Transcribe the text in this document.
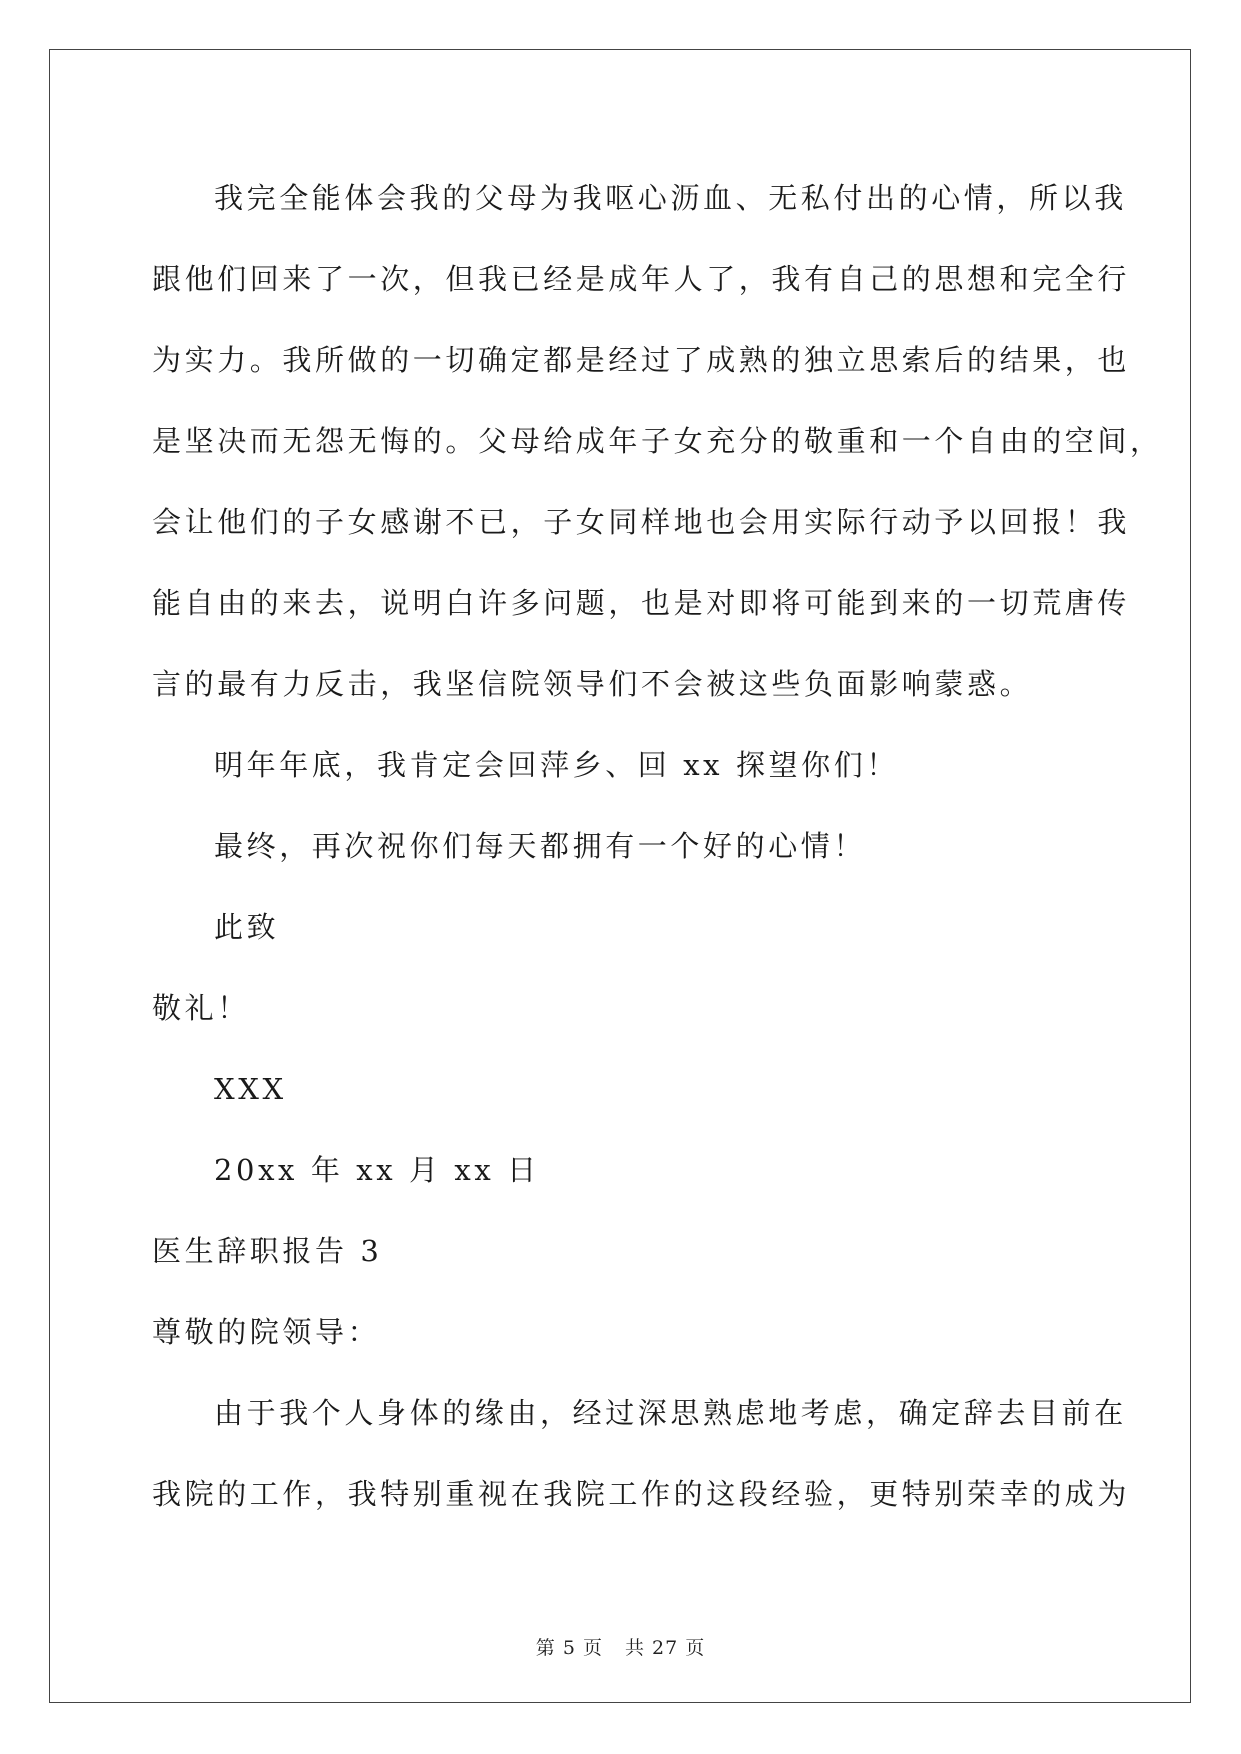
我完全能体会我的父母为我呕心沥血、无私付出的心情，所以我

跟他们回来了一次，但我已经是成年人了，我有自己的思想和完全行

为实力。我所做的一切确定都是经过了成熟的独立思索后的结果，也

是坚决而无怨无悔的。父母给成年子女充分的敬重和一个自由的空间，

会让他们的子女感谢不已，子女同样地也会用实际行动予以回报！我

能自由的来去，说明白许多问题，也是对即将可能到来的一切荒唐传

言的最有力反击，我坚信院领导们不会被这些负面影响蒙惑。

明年年底，我肯定会回萍乡、回 xx 探望你们！

最终，再次祝你们每天都拥有一个好的心情！

此致

敬礼！

XXX

20xx 年 xx 月 xx 日

医生辞职报告 3

尊敬的院领导：

由于我个人身体的缘由，经过深思熟虑地考虑，确定辞去目前在

我院的工作，我特别重视在我院工作的这段经验，更特别荣幸的成为

第 5 页 共 27 页
